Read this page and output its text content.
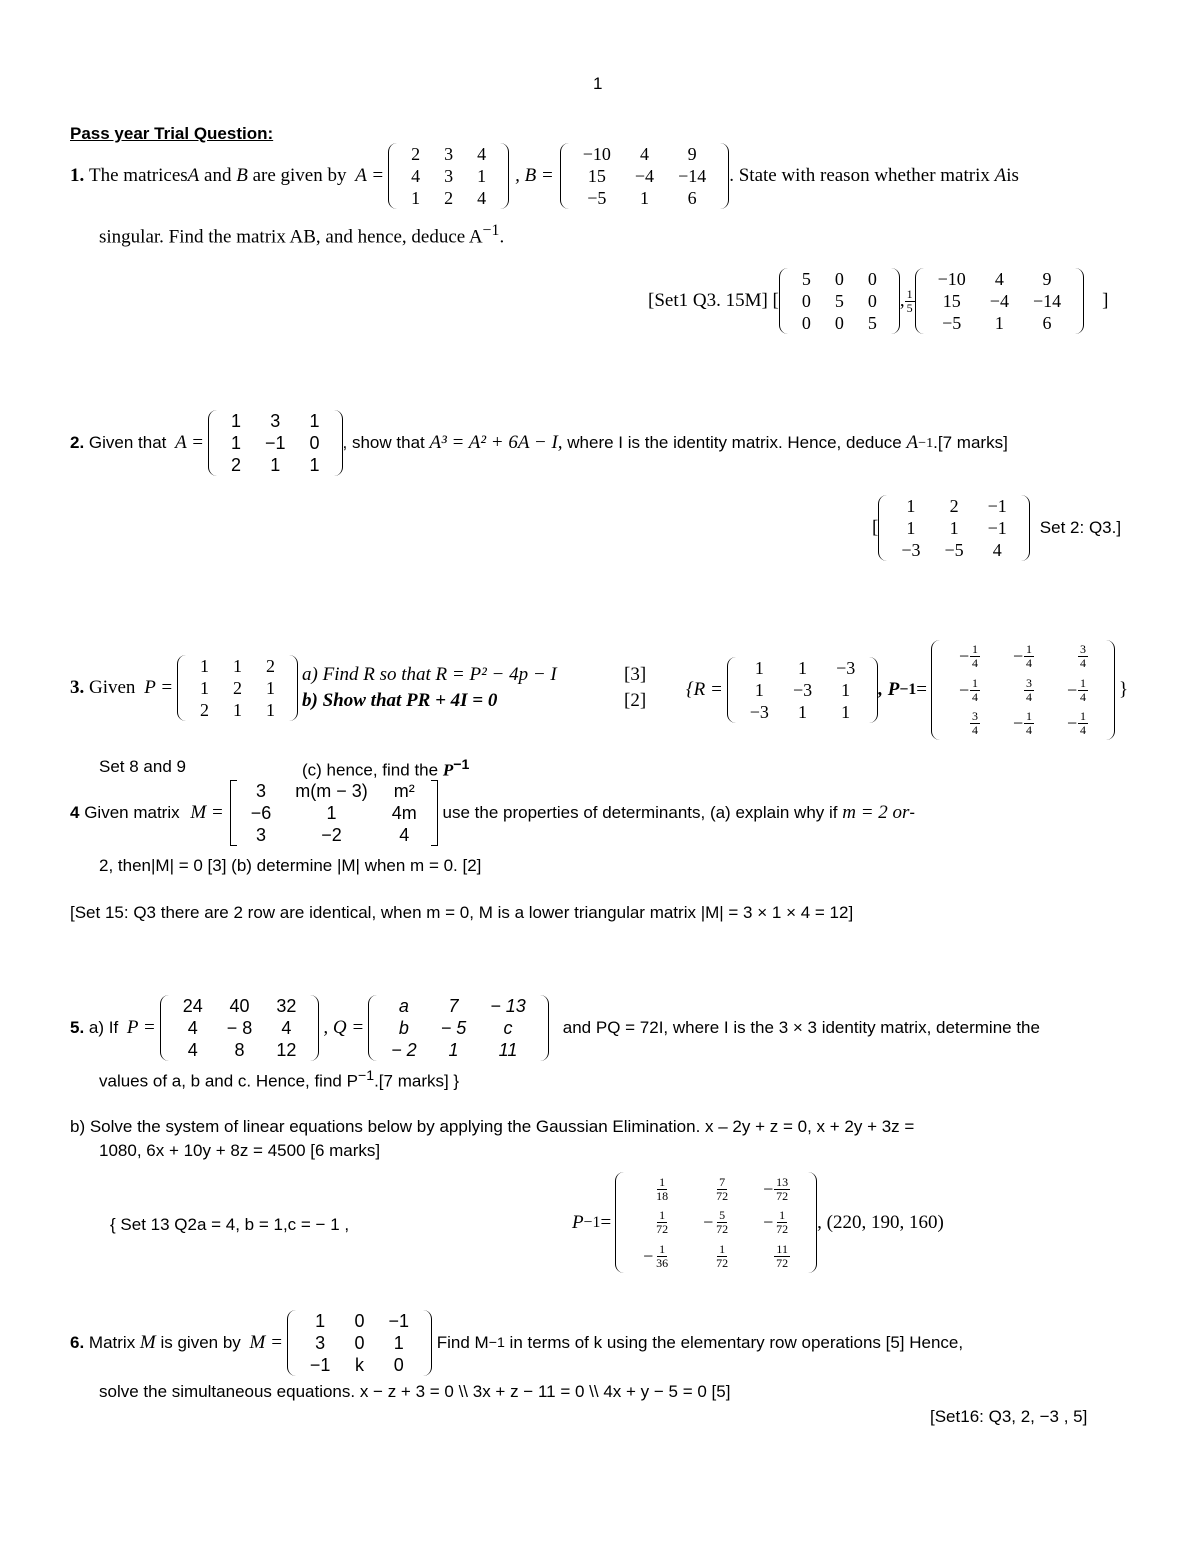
1
Pass year Trial Question:
1.
The matrices A and B are given by A =
2	3	4
4	3	1
1	2	4
, B =
−10	4	9
15	−4	−14
−5	1	6
. State with reason whether matrix A is
singular. Find the matrix AB, and hence, deduce $A^{-1}$.
[Set1 Q3. 15M] [
5	0	0
0	5	0
0	0	5
, $\frac{1}{5}$
−10	4	9
15	−4	−14
−5	1	6
]
2. Given that A =
1	3	1
1	−1	0
2	1	1
, show that A³ = A² + 6A − I, where I is the identity matrix. Hence, deduce A −1 .[7 marks]
[
1	2	−1
1	1	−1
−3	−5	4
Set 2: Q3.]
3. Given P =
1	1	2
1	2	1
2	1	1
a) Find R so that R = P² − 4p − I	[3]
b) Show that PR + 4I = 0	[2]
{R =
1	1	−3
1	−3	1
−3	1	1
, P −1 =
− $\frac{1}{4}$	− $\frac{1}{4}$	$\frac{3}{4}$

− $\frac{1}{4}$	$\frac{3}{4}$	− $\frac{1}{4}$

$\frac{3}{4}$	− $\frac{1}{4}$	− $\frac{1}{4}$
}
Set 8 and 9	(c) hence, find the $P^{-1}$
4 Given matrix M =
3	m(m − 3)	m²
−6	1	4m
3	−2	4
use the properties of determinants, (a) explain why if m = 2 or -
2, then|M| = 0 [3] (b) determine |M| when m = 0. [2]
[Set 15: Q3 there are 2 row are identical, when m = 0, M is a lower triangular matrix |M| = 3 × 1 × 4 = 12]
5. a) If P =
24	40	32
4	− 8	4
4	8	12
, Q =
a	7	− 13
b	− 5	c
− 2	1	11
and PQ = 72I, where I is the 3 × 3 identity matrix, determine the
values of a, b and c. Hence, find $P^{-1}.[7$ marks] }
b) Solve the system of linear equations below by applying the Gaussian Elimination. x – 2y + z = 0, x + 2y + 3z =
1080, 6x + 10y + 8z = 4500 [6 marks]
{ Set 13 Q2a = 4, b = 1,c = − 1 ,	P −1 =
$\frac{1}{18}$	$\frac{7}{72}$	− $\frac{13}{72}$

$\frac{1}{72}$	− $\frac{5}{72}$	− $\frac{1}{72}$

− $\frac{1}{36}$	$\frac{1}{72}$	$\frac{11}{72}$
, (220, 190, 160)
6. Matrix M is given by M =
1	0	−1
3	0	1
−1	k	0
Find M −1 in terms of k using the elementary row operations [5] Hence,
solve the simultaneous equations. x − z + 3 = 0 \\ 3x + z − 11 = 0 \\ 4x + y − 5 = 0 [5]
[Set16: Q3, 2, −3 , 5]
